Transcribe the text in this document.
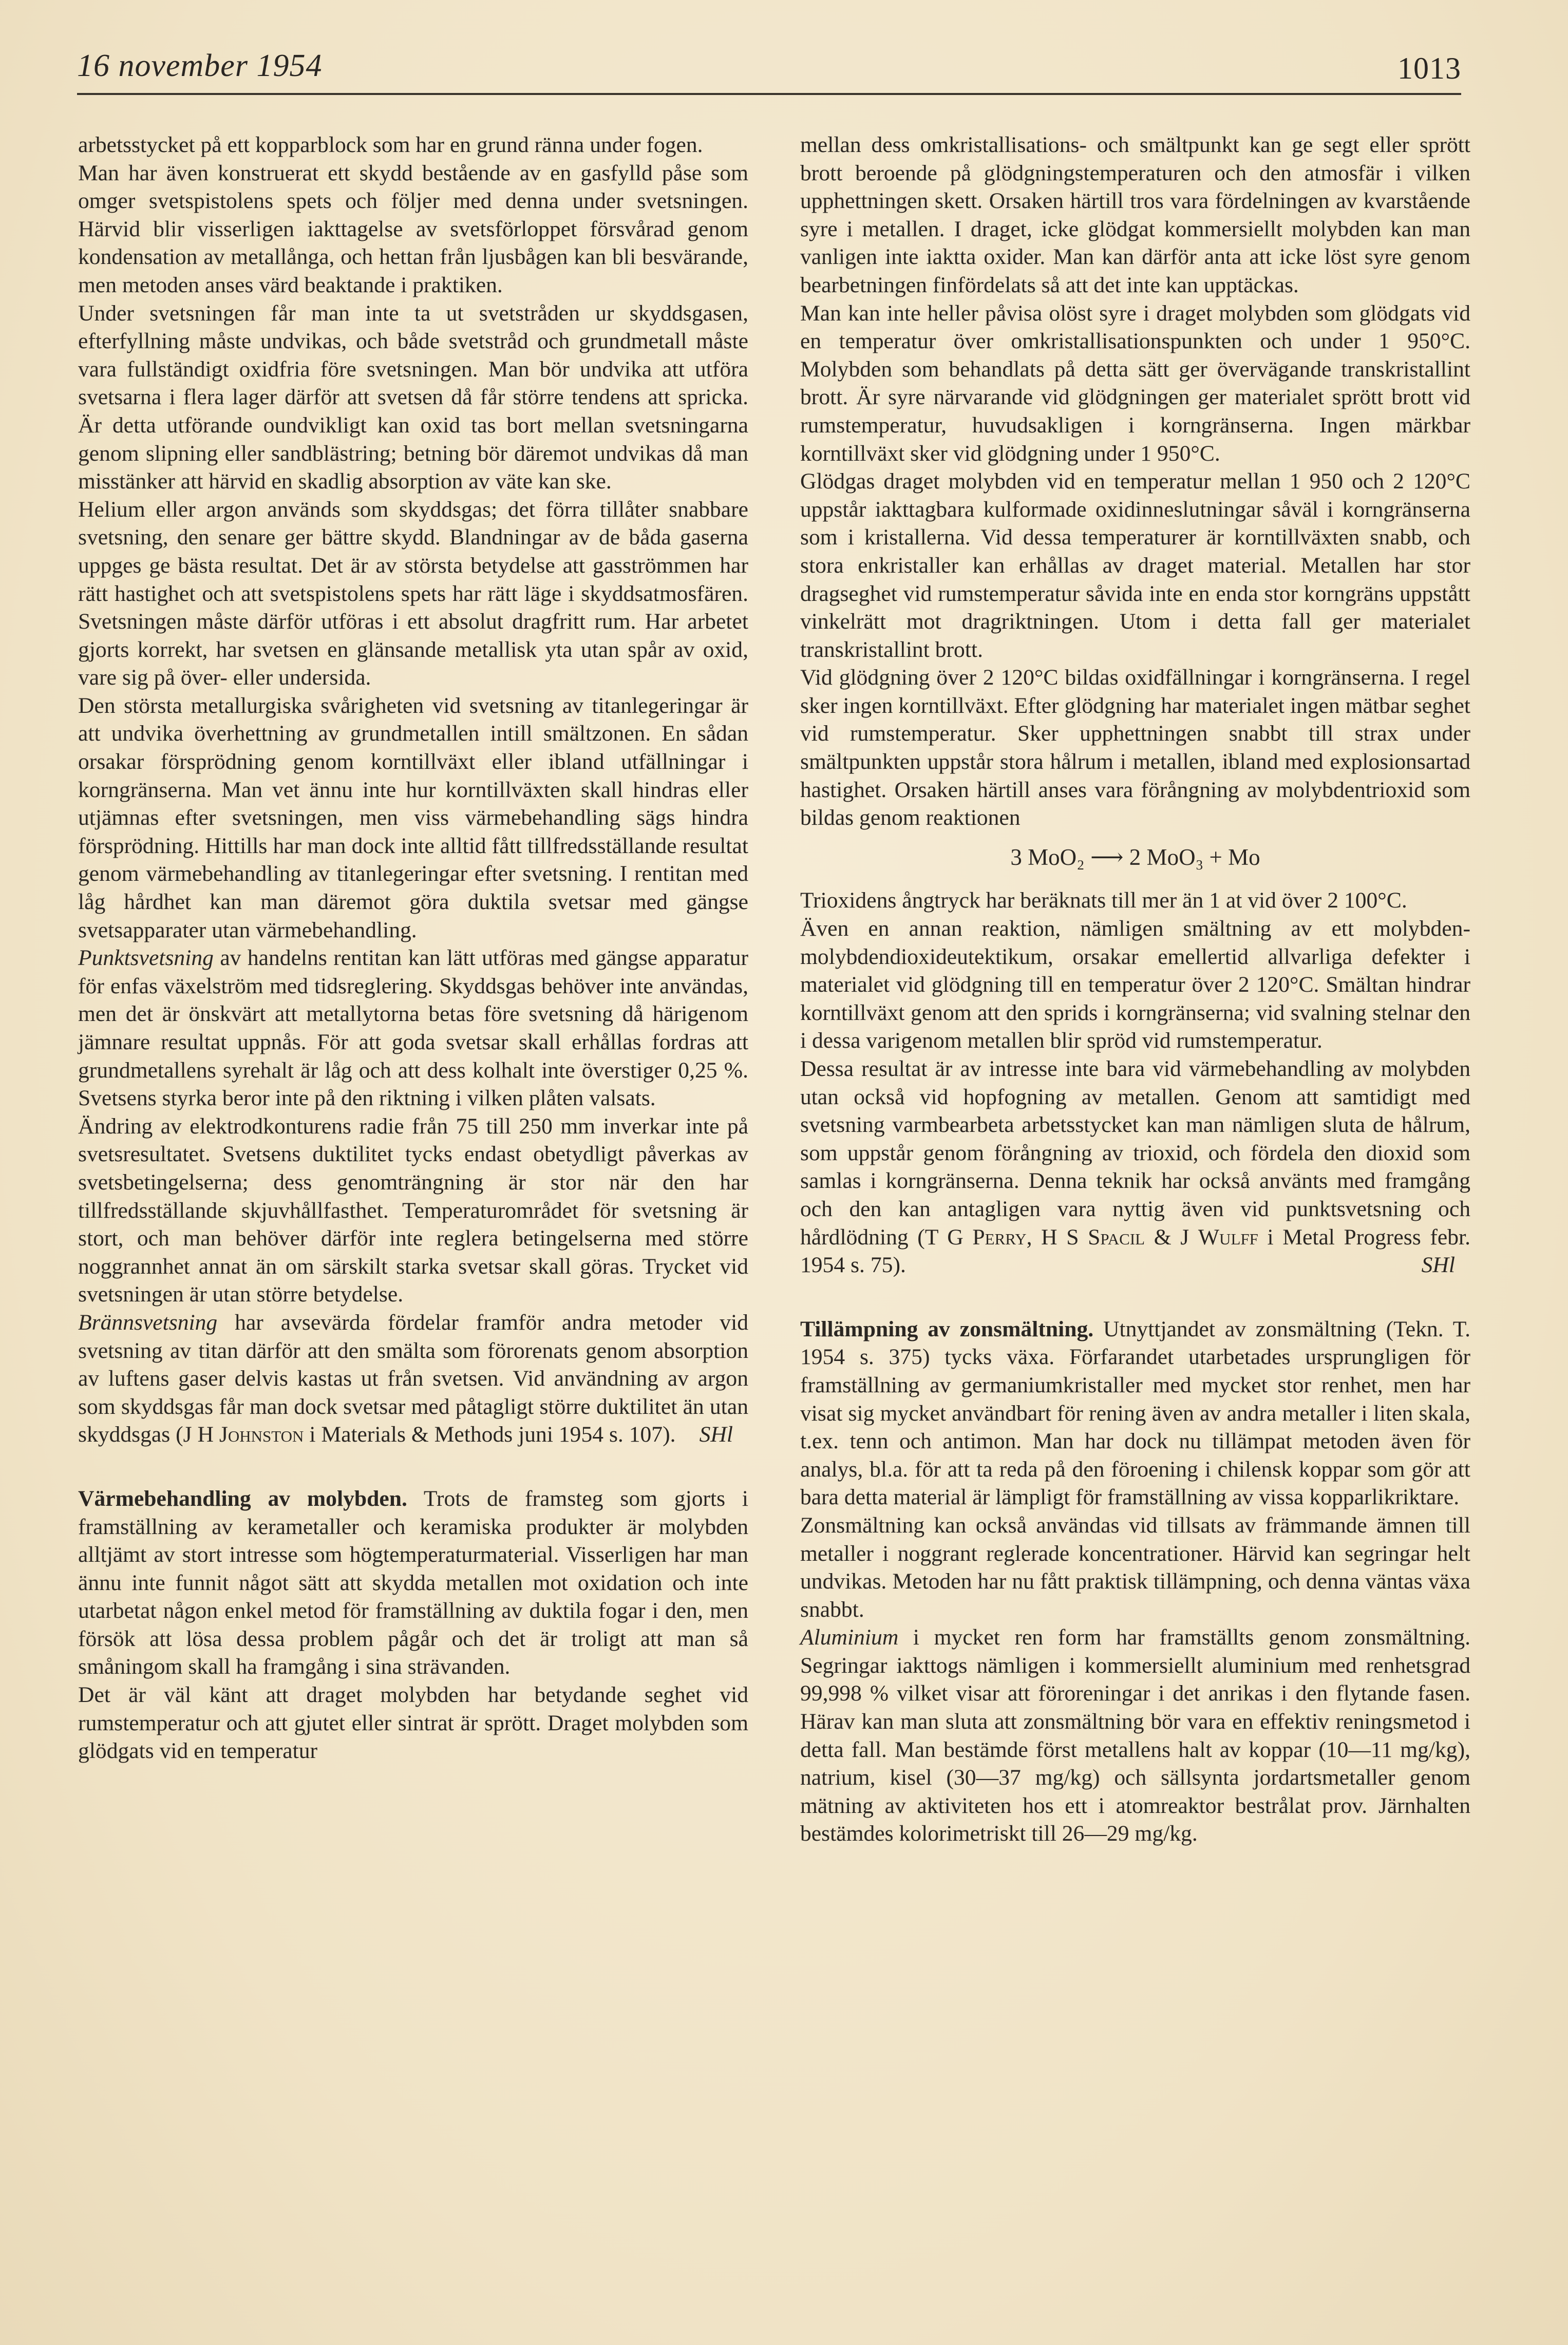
16 november 1954	1013

arbetsstycket på ett kopparblock som har en grund ränna under fogen.

Man har även konstruerat ett skydd bestående av en gasfylld påse som omger svetspistolens spets och följer med denna under svetsningen. Härvid blir visserligen iakttagelse av svetsförloppet försvårad genom kondensation av metallånga, och hettan från ljusbågen kan bli besvärande, men metoden anses värd beaktande i praktiken.

Under svetsningen får man inte ta ut svetstråden ur skyddsgasen, efterfyllning måste undvikas, och både svetstråd och grundmetall måste vara fullständigt oxidfria före svetsningen. Man bör undvika att utföra svetsarna i flera lager därför att svetsen då får större tendens att spricka. Är detta utförande oundvikligt kan oxid tas bort mellan svetsningarna genom slipning eller sandblästring; betning bör däremot undvikas då man misstänker att härvid en skadlig absorption av väte kan ske.

Helium eller argon används som skyddsgas; det förra tillåter snabbare svetsning, den senare ger bättre skydd. Blandningar av de båda gaserna uppges ge bästa resultat. Det är av största betydelse att gasströmmen har rätt hastighet och att svetspistolens spets har rätt läge i skyddsatmosfären. Svetsningen måste därför utföras i ett absolut dragfritt rum. Har arbetet gjorts korrekt, har svetsen en glänsande metallisk yta utan spår av oxid, vare sig på över- eller undersida.

Den största metallurgiska svårigheten vid svetsning av titanlegeringar är att undvika överhettning av grundmetallen intill smältzonen. En sådan orsakar försprödning genom korntillväxt eller ibland utfällningar i korngränserna. Man vet ännu inte hur korntillväxten skall hindras eller utjämnas efter svetsningen, men viss värmebehandling sägs hindra försprödning. Hittills har man dock inte alltid fått tillfredsställande resultat genom värmebehandling av titanlegeringar efter svetsning. I rentitan med låg hårdhet kan man däremot göra duktila svetsar med gängse svetsapparater utan värmebehandling.

Punktsvetsning av handelns rentitan kan lätt utföras med gängse apparatur för enfas växelström med tidsreglering. Skyddsgas behöver inte användas, men det är önskvärt att metallytorna betas före svetsning då härigenom jämnare resultat uppnås. För att goda svetsar skall erhållas fordras att grundmetallens syrehalt är låg och att dess kolhalt inte överstiger 0,25 %. Svetsens styrka beror inte på den riktning i vilken plåten valsats.

Ändring av elektrodkonturens radie från 75 till 250 mm inverkar inte på svetsresultatet. Svetsens duktilitet tycks endast obetydligt påverkas av svetsbetingelserna; dess genomträngning är stor när den har tillfredsställande skjuvhållfasthet. Temperaturområdet för svetsning är stort, och man behöver därför inte reglera betingelserna med större noggrannhet annat än om särskilt starka svetsar skall göras. Trycket vid svetsningen är utan större betydelse.

Brännsvetsning har avsevärda fördelar framför andra metoder vid svetsning av titan därför att den smälta som förorenats genom absorption av luftens gaser delvis kastas ut från svetsen. Vid användning av argon som skyddsgas får man dock svetsar med påtagligt större duktilitet än utan skyddsgas (J H Johnston i Materials & Methods juni 1954 s. 107). SHl

Värmebehandling av molybden. Trots de framsteg som gjorts i framställning av kerametaller och keramiska produkter är molybden alltjämt av stort intresse som högtemperaturmaterial. Visserligen har man ännu inte funnit något sätt att skydda metallen mot oxidation och inte utarbetat någon enkel metod för framställning av duktila fogar i den, men försök att lösa dessa problem pågår och det är troligt att man så småningom skall ha framgång i sina strävanden.

Det är väl känt att draget molybden har betydande seghet vid rumstemperatur och att gjutet eller sintrat är sprött. Draget molybden som glödgats vid en temperatur

mellan dess omkristallisations- och smältpunkt kan ge segt eller sprött brott beroende på glödgningstemperaturen och den atmosfär i vilken upphettningen skett. Orsaken härtill tros vara fördelningen av kvarstående syre i metallen. I draget, icke glödgat kommersiellt molybden kan man vanligen inte iaktta oxider. Man kan därför anta att icke löst syre genom bearbetningen finfördelats så att det inte kan upptäckas.

Man kan inte heller påvisa olöst syre i draget molybden som glödgats vid en temperatur över omkristallisationspunkten och under 1 950°C. Molybden som behandlats på detta sätt ger övervägande transkristallint brott. Är syre närvarande vid glödgningen ger materialet sprött brott vid rumstemperatur, huvudsakligen i korngränserna. Ingen märkbar korntillväxt sker vid glödgning under 1 950°C.

Glödgas draget molybden vid en temperatur mellan 1 950 och 2 120°C uppstår iakttagbara kulformade oxidinneslutningar såväl i korngränserna som i kristallerna. Vid dessa temperaturer är korntillväxten snabb, och stora enkristaller kan erhållas av draget material. Metallen har stor dragseghet vid rumstemperatur såvida inte en enda stor korngräns uppstått vinkelrätt mot dragriktningen. Utom i detta fall ger materialet transkristallint brott.

Vid glödgning över 2 120°C bildas oxidfällningar i korngränserna. I regel sker ingen korntillväxt. Efter glödgning har materialet ingen mätbar seghet vid rumstemperatur. Sker upphettningen snabbt till strax under smältpunkten uppstår stora hålrum i metallen, ibland med explosionsartad hastighet. Orsaken härtill anses vara förångning av molybdentrioxid som bildas genom reaktionen

3 MoO₂ ⟶ 2 MoO₃ + Mo

Trioxidens ångtryck har beräknats till mer än 1 at vid över 2 100°C.

Även en annan reaktion, nämligen smältning av ett molybden-molybdendioxideutektikum, orsakar emellertid allvarliga defekter i materialet vid glödgning till en temperatur över 2 120°C. Smältan hindrar korntillväxt genom att den sprids i korngränserna; vid svalning stelnar den i dessa varigenom metallen blir spröd vid rumstemperatur.

Dessa resultat är av intresse inte bara vid värmebehandling av molybden utan också vid hopfogning av metallen. Genom att samtidigt med svetsning varmbearbeta arbetsstycket kan man nämligen sluta de hålrum, som uppstår genom förångning av trioxid, och fördela den dioxid som samlas i korngränserna. Denna teknik har också använts med framgång och den kan antagligen vara nyttig även vid punktsvetsning och hårdlödning (T G Perry, H S Spacil & J Wulff i Metal Progress febr. 1954 s. 75).	SHl

Tillämpning av zonsmältning. Utnyttjandet av zonsmältning (Tekn. T. 1954 s. 375) tycks växa. Förfarandet utarbetades ursprungligen för framställning av germaniumkristaller med mycket stor renhet, men har visat sig mycket användbart för rening även av andra metaller i liten skala, t.ex. tenn och antimon. Man har dock nu tillämpat metoden även för analys, bl.a. för att ta reda på den föroening i chilensk koppar som gör att bara detta material är lämpligt för framställning av vissa kopparlikriktare.

Zonsmältning kan också användas vid tillsats av främmande ämnen till metaller i noggrant reglerade koncentrationer. Härvid kan segringar helt undvikas. Metoden har nu fått praktisk tillämpning, och denna väntas växa snabbt.

Aluminium i mycket ren form har framställts genom zonsmältning. Segringar iakttogs nämligen i kommersiellt aluminium med renhetsgrad 99,998 % vilket visar att föroreningar i det anrikas i den flytande fasen. Härav kan man sluta att zonsmältning bör vara en effektiv reningsmetod i detta fall. Man bestämde först metallens halt av koppar (10—11 mg/kg), natrium, kisel (30—37 mg/kg) och sällsynta jordartsmetaller genom mätning av aktiviteten hos ett i atomreaktor bestrålat prov. Järnhalten bestämdes kolorimetriskt till 26—29 mg/kg.
